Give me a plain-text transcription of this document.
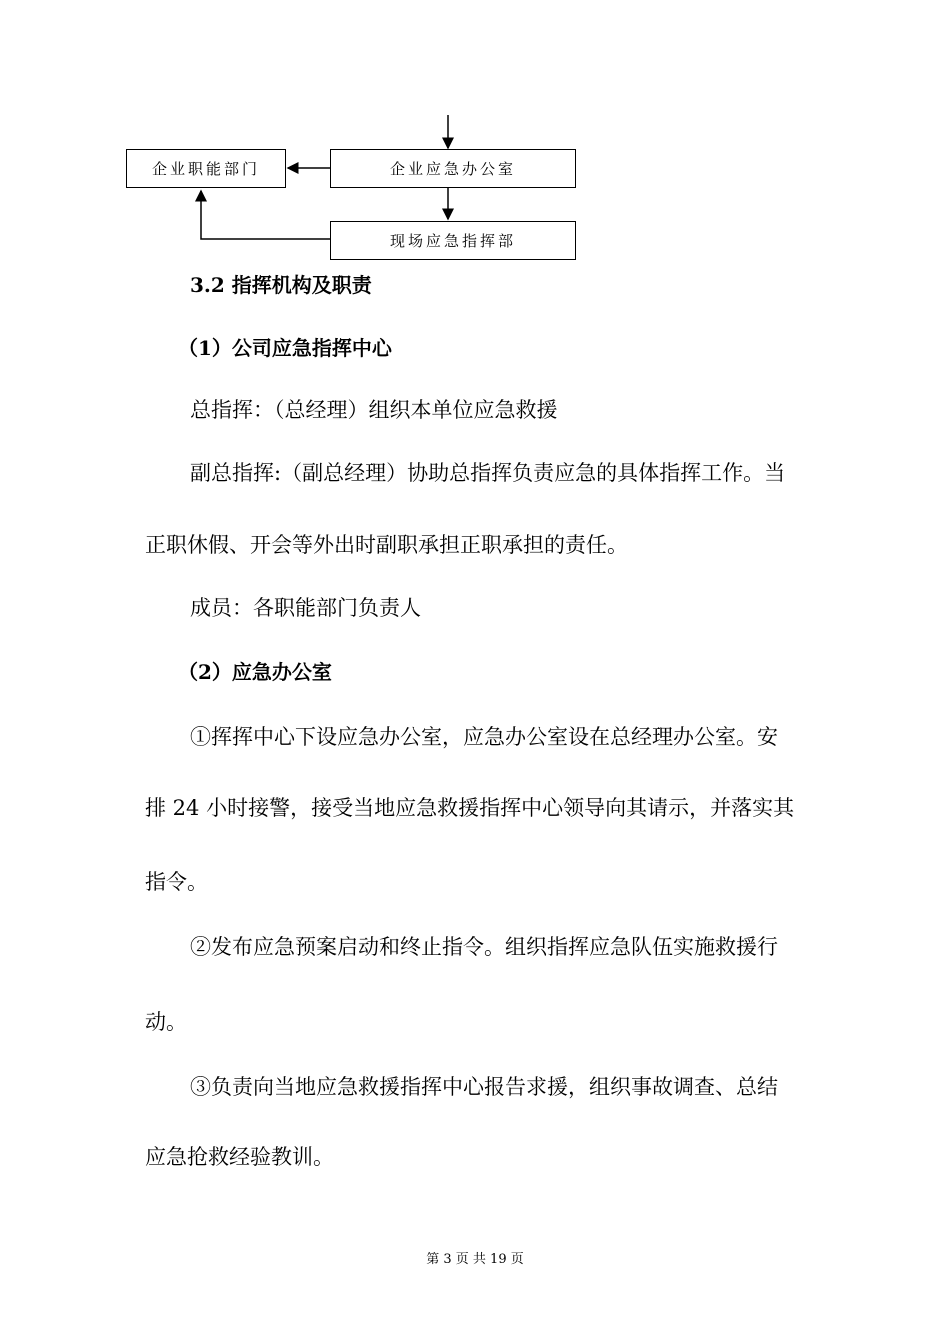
企业职能部门	企业应急办公室
现场应急指挥部
3.2 指挥机构及职责
（1）公司应急指挥中心
总指挥：（总经理）组织本单位应急救援
副总指挥:（副总经理）协助总指挥负责应急的具体指挥工作。当
正职休假、开会等外出时副职承担正职承担的责任。
成员：各职能部门负责人
（2）应急办公室
①挥挥中心下设应急办公室，应急办公室设在总经理办公室。安
排 24 小时接警，接受当地应急救援指挥中心领导向其请示，并落实其
指令。
②发布应急预案启动和终止指令。组织指挥应急队伍实施救援行
动。
③负责向当地应急救援指挥中心报告求援，组织事故调查、总结
应急抢救经验教训。
第 3 页 共 19 页
